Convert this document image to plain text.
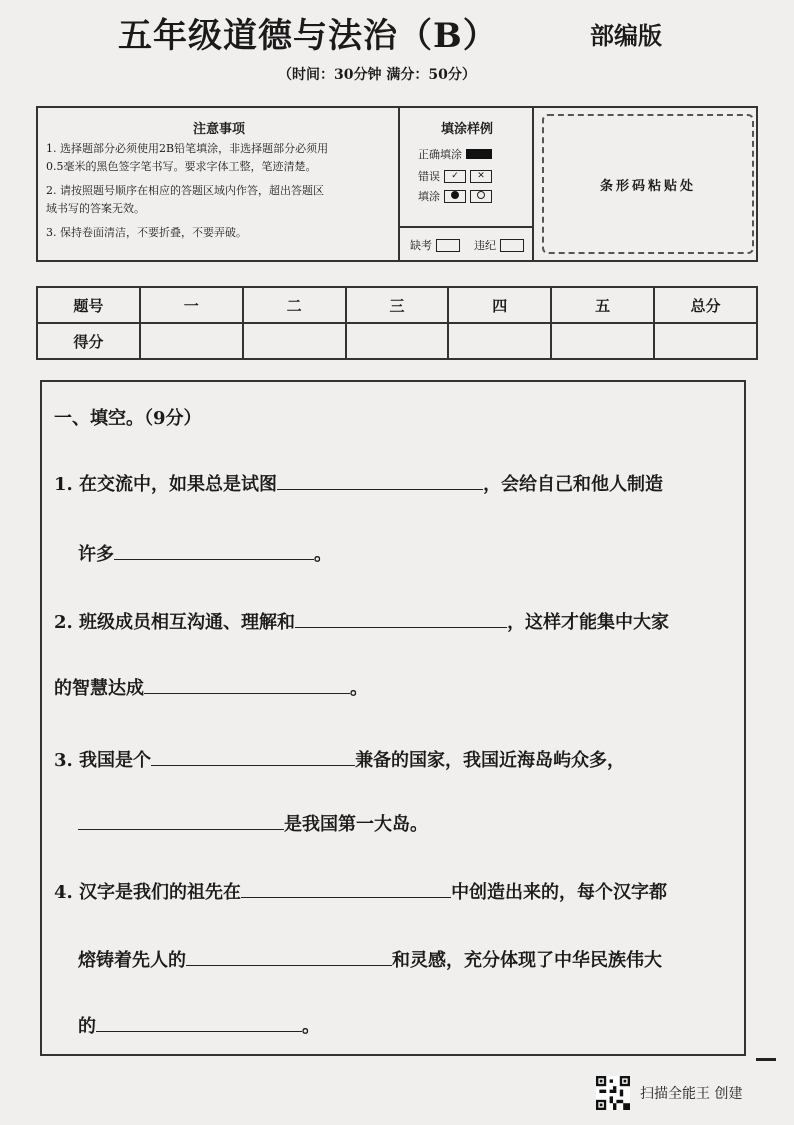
五年级道德与法治（B）	部编版
（时间：30分钟 满分：50分）
注意事项
1. 选择题部分必须使用2B铅笔填涂，非选择题部分必须用
0.5毫米的黑色签字笔书写。要求字体工整，笔迹清楚。
2. 请按照题号顺序在相应的答题区域内作答，超出答题区
域书写的答案无效。
3. 保持卷面清洁，不要折叠，不要弄破。
填涂样例
正确填涂
错误	✓	✕
填涂
缺考	违纪
条形码粘贴处
题号	一	二	三	四	五	总分
得分						
一、填空。（9分）
1. 在交流中，如果总是试图	，会给自己和他人制造
许多	。
2. 班级成员相互沟通、理解和	，这样才能集中大家
的智慧达成	。
3. 我国是个	兼备的国家，我国近海岛屿众多，
是我国第一大岛。
4. 汉字是我们的祖先在	中创造出来的，每个汉字都
熔铸着先人的	和灵感，充分体现了中华民族伟大
的	。
扫描全能王 创建
